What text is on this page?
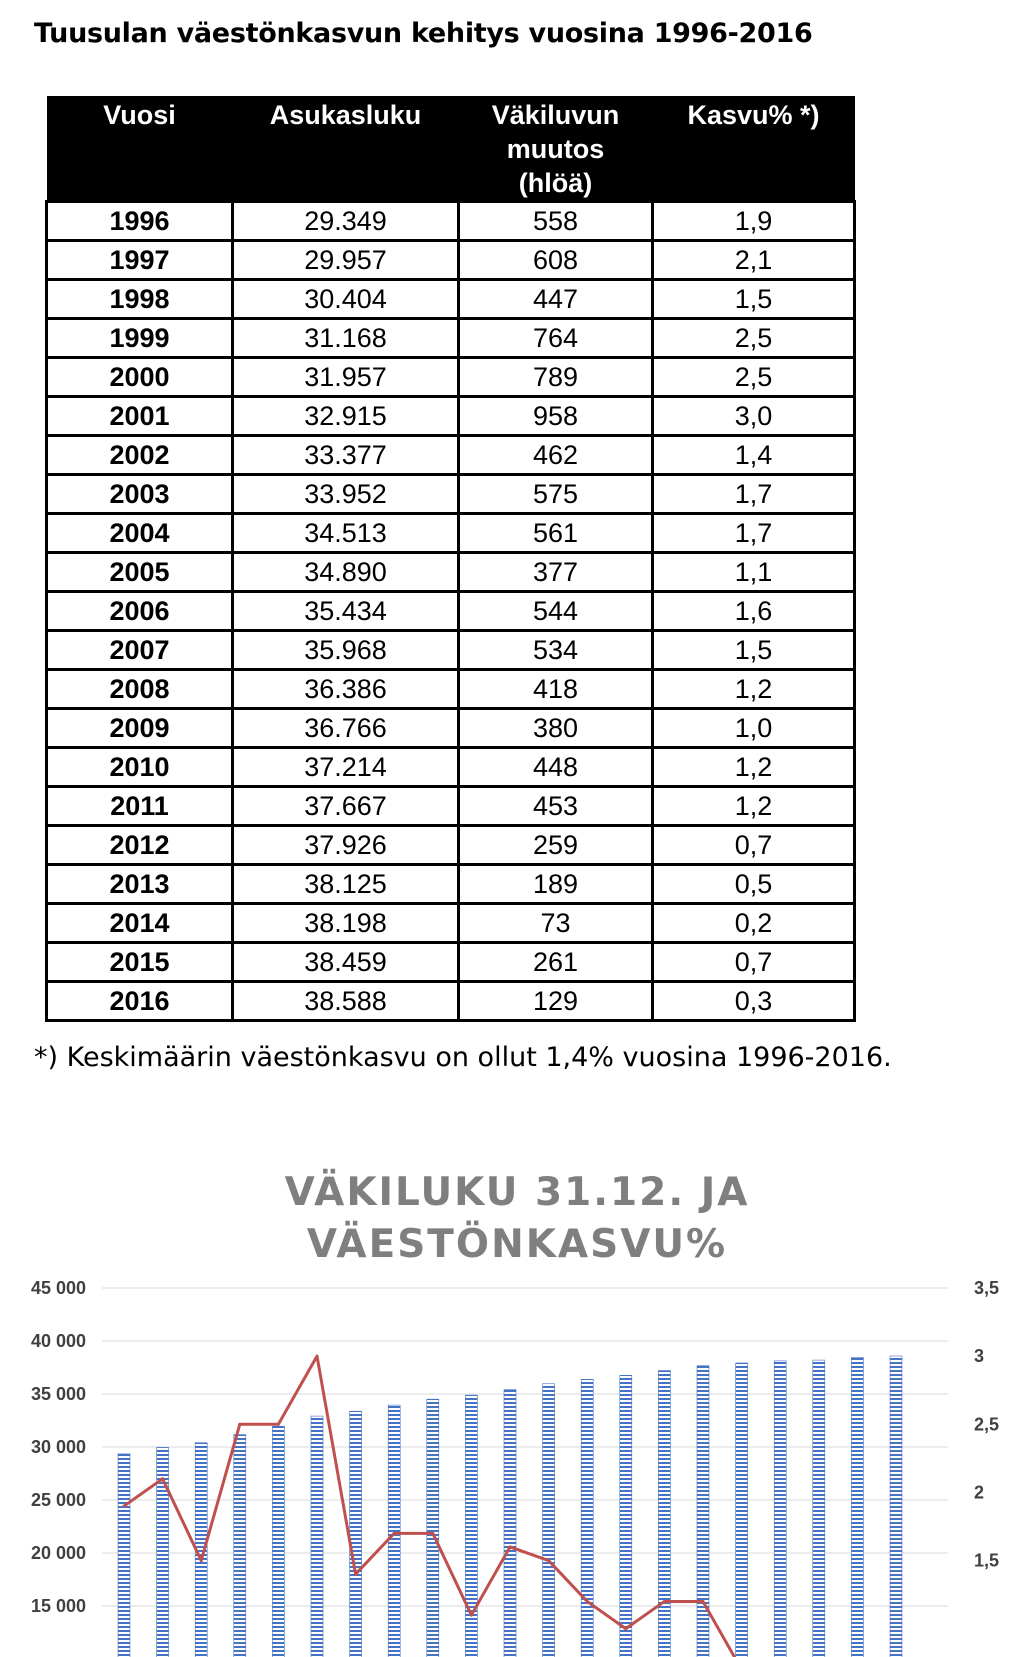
Tuusulan väestönkasvun kehitys vuosina 1996-2016
Vuosi	Asukasluku	Väkiluvun
muutos
(hlöä)	Kasvu% *)
1996	29.349	558	1,9
1997	29.957	608	2,1
1998	30.404	447	1,5
1999	31.168	764	2,5
2000	31.957	789	2,5
2001	32.915	958	3,0
2002	33.377	462	1,4
2003	33.952	575	1,7
2004	34.513	561	1,7
2005	34.890	377	1,1
2006	35.434	544	1,6
2007	35.968	534	1,5
2008	36.386	418	1,2
2009	36.766	380	1,0
2010	37.214	448	1,2
2011	37.667	453	1,2
2012	37.926	259	0,7
2013	38.125	189	0,5
2014	38.198	73	0,2
2015	38.459	261	0,7
2016	38.588	129	0,3
*) Keskimäärin väestönkasvu on ollut 1,4% vuosina 1996-2016.
VÄKILUKU 31.12. JA
VÄESTÖNKASVU%
45 000
40 000
35 000
30 000
25 000
20 000
15 000
3,5
3
2,5
2
1,5
